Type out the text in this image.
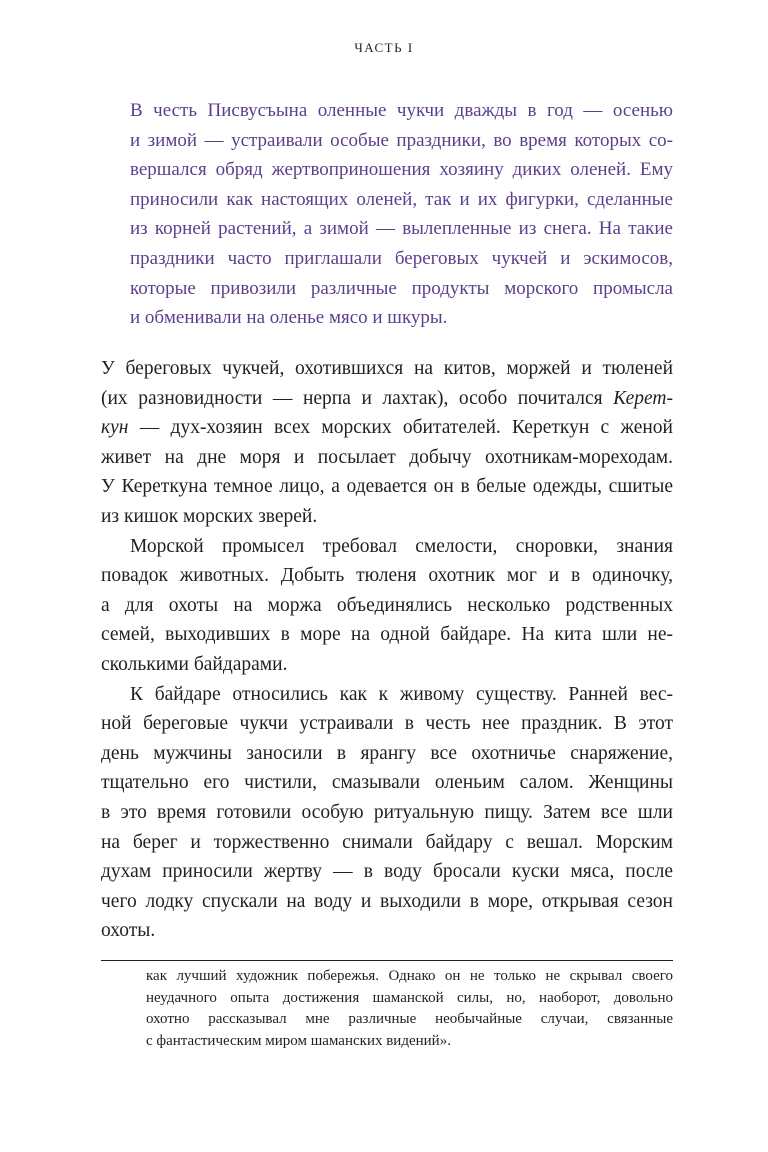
ЧАСТЬ I
В честь Писвусъына оленные чукчи дважды в год — осенью
и зимой — устраивали особые праздники, во время которых со-
вершался обряд жертвоприношения хозяину диких оленей. Ему
приносили как настоящих оленей, так и их фигурки, сделанные
из корней растений, а зимой — вылепленные из снега. На такие
праздники часто приглашали береговых чукчей и эскимосов,
которые привозили различные продукты морского промысла
и обменивали на оленье мясо и шкуры.
У береговых чукчей, охотившихся на китов, моржей и тюленей
(их разновидности — нерпа и лахтак), особо почитался Керет-
кун — дух-хозяин всех морских обитателей. Кереткун с женой
живет на дне моря и посылает добычу охотникам-мореходам.
У Кереткуна темное лицо, а одевается он в белые одежды, сшитые
из кишок морских зверей.
Морской промысел требовал смелости, сноровки, знания
повадок животных. Добыть тюленя охотник мог и в одиночку,
а для охоты на моржа объединялись несколько родственных
семей, выходивших в море на одной байдаре. На кита шли не-
сколькими байдарами.
К байдаре относились как к живому существу. Ранней вес-
ной береговые чукчи устраивали в честь нее праздник. В этот
день мужчины заносили в ярангу все охотничье снаряжение,
тщательно его чистили, смазывали оленьим салом. Женщины
в это время готовили особую ритуальную пищу. Затем все шли
на берег и торжественно снимали байдару с вешал. Морским
духам приносили жертву — в воду бросали куски мяса, после
чего лодку спускали на воду и выходили в море, открывая сезон
охоты.
как лучший художник побережья. Однако он не только не скрывал своего
неудачного опыта достижения шаманской силы, но, наоборот, довольно
охотно рассказывал мне различные необычайные случаи, связанные
с фантастическим миром шаманских видений».
